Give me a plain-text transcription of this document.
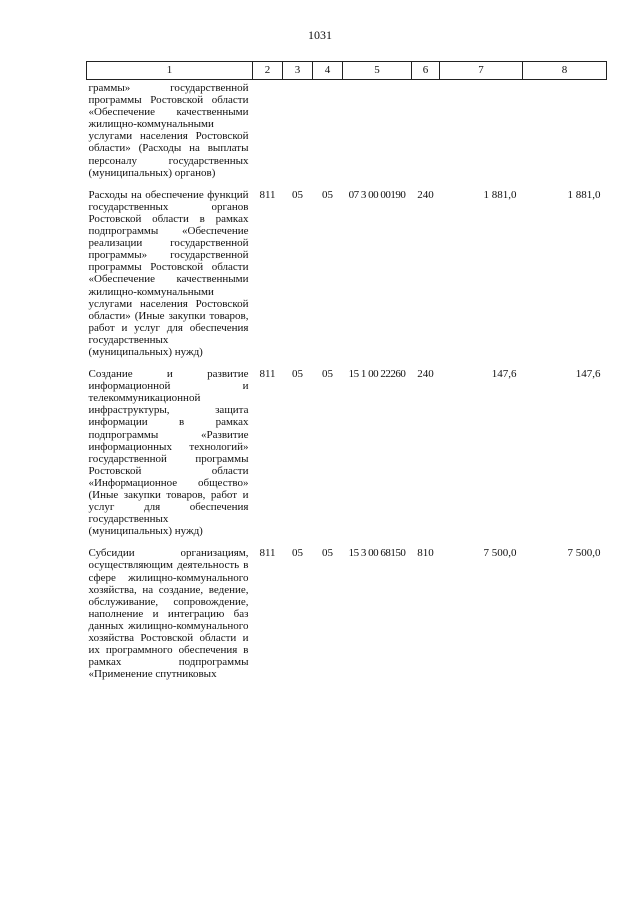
1031
1	2	3	4	5	6	7	8
граммы» государственной программы Ростовской области «Обеспечение качественными жилищно-коммунальными услугами населения Ростовской области» (Расходы на выплаты персоналу государственных (муниципальных) органов)							
Расходы на обеспечение функций государственных органов Ростовской области в рамках подпрограммы «Обеспечение реализации государственной программы» государственной программы Ростовской области «Обеспечение качественными жилищно-коммунальными услугами населения Ростовской области» (Иные закупки товаров, работ и услуг для обеспечения государственных (муниципальных) нужд)	811	05	05	07 3 00 00190	240	1 881,0	1 881,0
Создание и развитие информационной и телекоммуникационной инфраструктуры, защита информации в рамках подпрограммы «Развитие информационных технологий» государственной программы Ростовской области «Информационное общество» (Иные закупки товаров, работ и услуг для обеспечения государственных (муниципальных) нужд)	811	05	05	15 1 00 22260	240	147,6	147,6
Субсидии организациям, осуществляющим деятельность в сфере жилищно-коммунального хозяйства, на создание, ведение, обслуживание, сопровождение, наполнение и интеграцию баз данных жилищно-коммунального хозяйства Ростовской области и их программного обеспечения в рамках подпрограммы «Применение спутниковых	811	05	05	15 3 00 68150	810	7 500,0	7 500,0
